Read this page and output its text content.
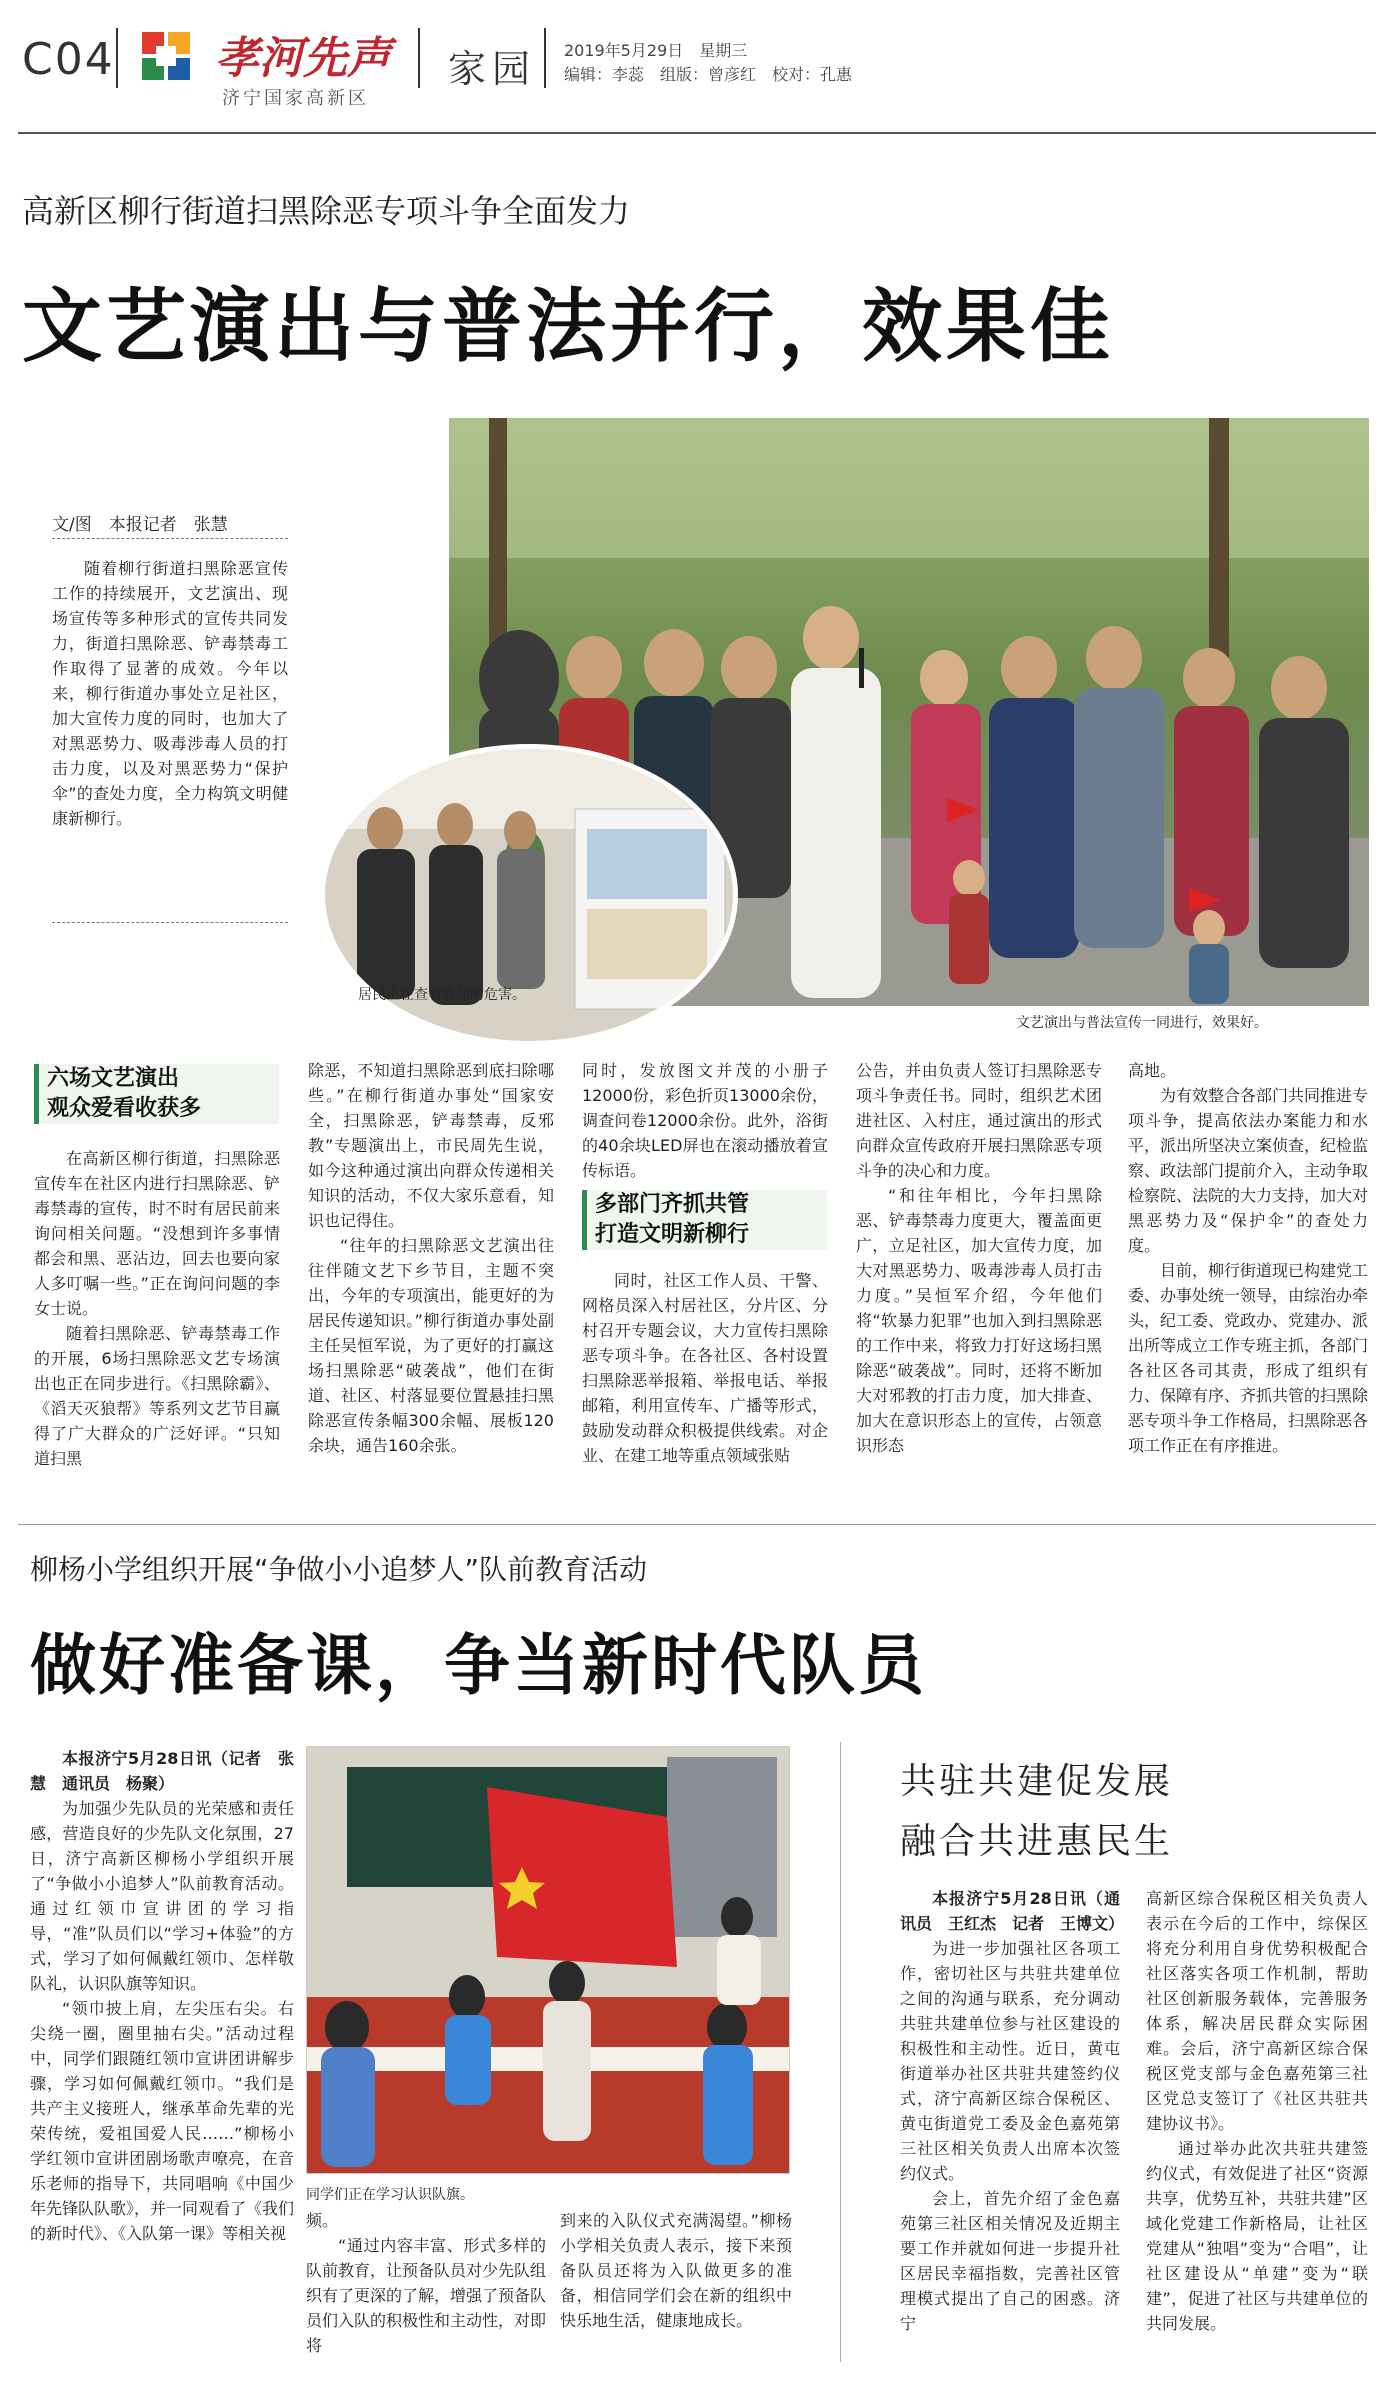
C04 孝河先声
济宁国家高新区
家园 2019年5月29日　星期三
编辑：李蕊　组版：曾彦红　校对：孔惠
高新区柳行街道扫黑除恶专项斗争全面发力
文艺演出与普法并行，效果佳
文/图　本报记者　张慧

随着柳行街道扫黑除恶宣传工作的持续展开，文艺演出、现场宣传等多种形式的宣传共同发力，街道扫黑除恶、铲毒禁毒工作取得了显著的成效。今年以来，柳行街道办事处立足社区，加大宣传力度的同时，也加大了对黑恶势力、吸毒涉毒人员的打击力度，以及对黑恶势力“保护伞”的查处力度，全力构筑文明健康新柳行。

居民正在查看毒品的危害。
文艺演出与普法宣传一同进行，效果好。
六场文艺演出
观众爱看收获多

在高新区柳行街道，扫黑除恶宣传车在社区内进行扫黑除恶、铲毒禁毒的宣传，时不时有居民前来询问相关问题。“没想到许多事情都会和黑、恶沾边，回去也要向家人多叮嘱一些。”正在询问问题的李女士说。

随着扫黑除恶、铲毒禁毒工作的开展，6场扫黑除恶文艺专场演出也正在同步进行。《扫黑除霸》、《滔天灭狼帮》等系列文艺节目赢得了广大群众的广泛好评。“只知道扫黑

除恶，不知道扫黑除恶到底扫除哪些。”在柳行街道办事处“国家安全，扫黑除恶，铲毒禁毒，反邪教”专题演出上，市民周先生说，如今这种通过演出向群众传递相关知识的活动，不仅大家乐意看，知识也记得住。

“往年的扫黑除恶文艺演出往往伴随文艺下乡节目，主题不突出，今年的专项演出，能更好的为居民传递知识。”柳行街道办事处副主任吴恒军说，为了更好的打赢这场扫黑除恶“破袭战”，他们在街道、社区、村落显要位置悬挂扫黑除恶宣传条幅300余幅、展板120余块，通告160余张。

同时，发放图文并茂的小册子12000份，彩色折页13000余份，调查问卷12000余份。此外，浴街的40余块LED屏也在滚动播放着宣传标语。

多部门齐抓共管
打造文明新柳行

同时，社区工作人员、干警、网格员深入村居社区，分片区、分村召开专题会议，大力宣传扫黑除恶专项斗争。在各社区、各村设置扫黑除恶举报箱、举报电话、举报邮箱，利用宣传车、广播等形式，鼓励发动群众积极提供线索。对企业、在建工地等重点领域张贴

公告，并由负责人签订扫黑除恶专项斗争责任书。同时，组织艺术团进社区、入村庄，通过演出的形式向群众宣传政府开展扫黑除恶专项斗争的决心和力度。

“和往年相比，今年扫黑除恶、铲毒禁毒力度更大，覆盖面更广，立足社区，加大宣传力度，加大对黑恶势力、吸毒涉毒人员打击力度。”吴恒军介绍，今年他们将“软暴力犯罪”也加入到扫黑除恶的工作中来，将致力打好这场扫黑除恶“破袭战”。同时，还将不断加大对邪教的打击力度，加大排查、加大在意识形态上的宣传，占领意识形态

高地。

为有效整合各部门共同推进专项斗争，提高依法办案能力和水平，派出所坚决立案侦查，纪检监察、政法部门提前介入，主动争取检察院、法院的大力支持，加大对黑恶势力及“保护伞”的查处力度。

目前，柳行街道现已构建党工委、办事处统一领导，由综治办牵头，纪工委、党政办、党建办、派出所等成立工作专班主抓，各部门各社区各司其责，形成了组织有力、保障有序、齐抓共管的扫黑除恶专项斗争工作格局，扫黑除恶各项工作正在有序推进。

柳杨小学组织开展“争做小小追梦人”队前教育活动
做好准备课，争当新时代队员

本报济宁5月28日讯（记者　张慧　通讯员　杨聚）

为加强少先队员的光荣感和责任感，营造良好的少先队文化氛围，27日，济宁高新区柳杨小学组织开展了“争做小小追梦人”队前教育活动。通过红领巾宣讲团的学习指导，“准”队员们以“学习+体验”的方式，学习了如何佩戴红领巾、怎样敬队礼，认识队旗等知识。

“领巾披上肩，左尖压右尖。右尖绕一圈，圈里抽右尖。”活动过程中，同学们跟随红领巾宣讲团讲解步骤，学习如何佩戴红领巾。“我们是共产主义接班人，继承革命先辈的光荣传统，爱祖国爱人民……”柳杨小学红领巾宣讲团剧场歌声嘹亮，在音乐老师的指导下，共同唱响《中国少年先锋队队歌》，并一同观看了《我们的新时代》、《入队第一课》等相关视

同学们正在学习认识队旗。

频。

“通过内容丰富、形式多样的队前教育，让预备队员对少先队组织有了更深的了解，增强了预备队员们入队的积极性和主动性，对即将

到来的入队仪式充满渴望。”柳杨小学相关负责人表示，接下来预备队员还将为入队做更多的准备，相信同学们会在新的组织中快乐地生活，健康地成长。

共驻共建促发展
融合共进惠民生

本报济宁5月28日讯（通讯员　王红杰　记者　王博文）

为进一步加强社区各项工作，密切社区与共驻共建单位之间的沟通与联系，充分调动共驻共建单位参与社区建设的积极性和主动性。近日，黄屯街道举办社区共驻共建签约仪式，济宁高新区综合保税区、黄屯街道党工委及金色嘉苑第三社区相关负责人出席本次签约仪式。

会上，首先介绍了金色嘉苑第三社区相关情况及近期主要工作并就如何进一步提升社区居民幸福指数，完善社区管理模式提出了自己的困惑。济宁

高新区综合保税区相关负责人表示在今后的工作中，综保区将充分利用自身优势积极配合社区落实各项工作机制，帮助社区创新服务载体，完善服务体系，解决居民群众实际困难。会后，济宁高新区综合保税区党支部与金色嘉苑第三社区党总支签订了《社区共驻共建协议书》。

通过举办此次共驻共建签约仪式，有效促进了社区“资源共享，优势互补，共驻共建”区域化党建工作新格局，让社区党建从“独唱”变为“合唱”，让社区建设从“单建”变为“联建”，促进了社区与共建单位的共同发展。
